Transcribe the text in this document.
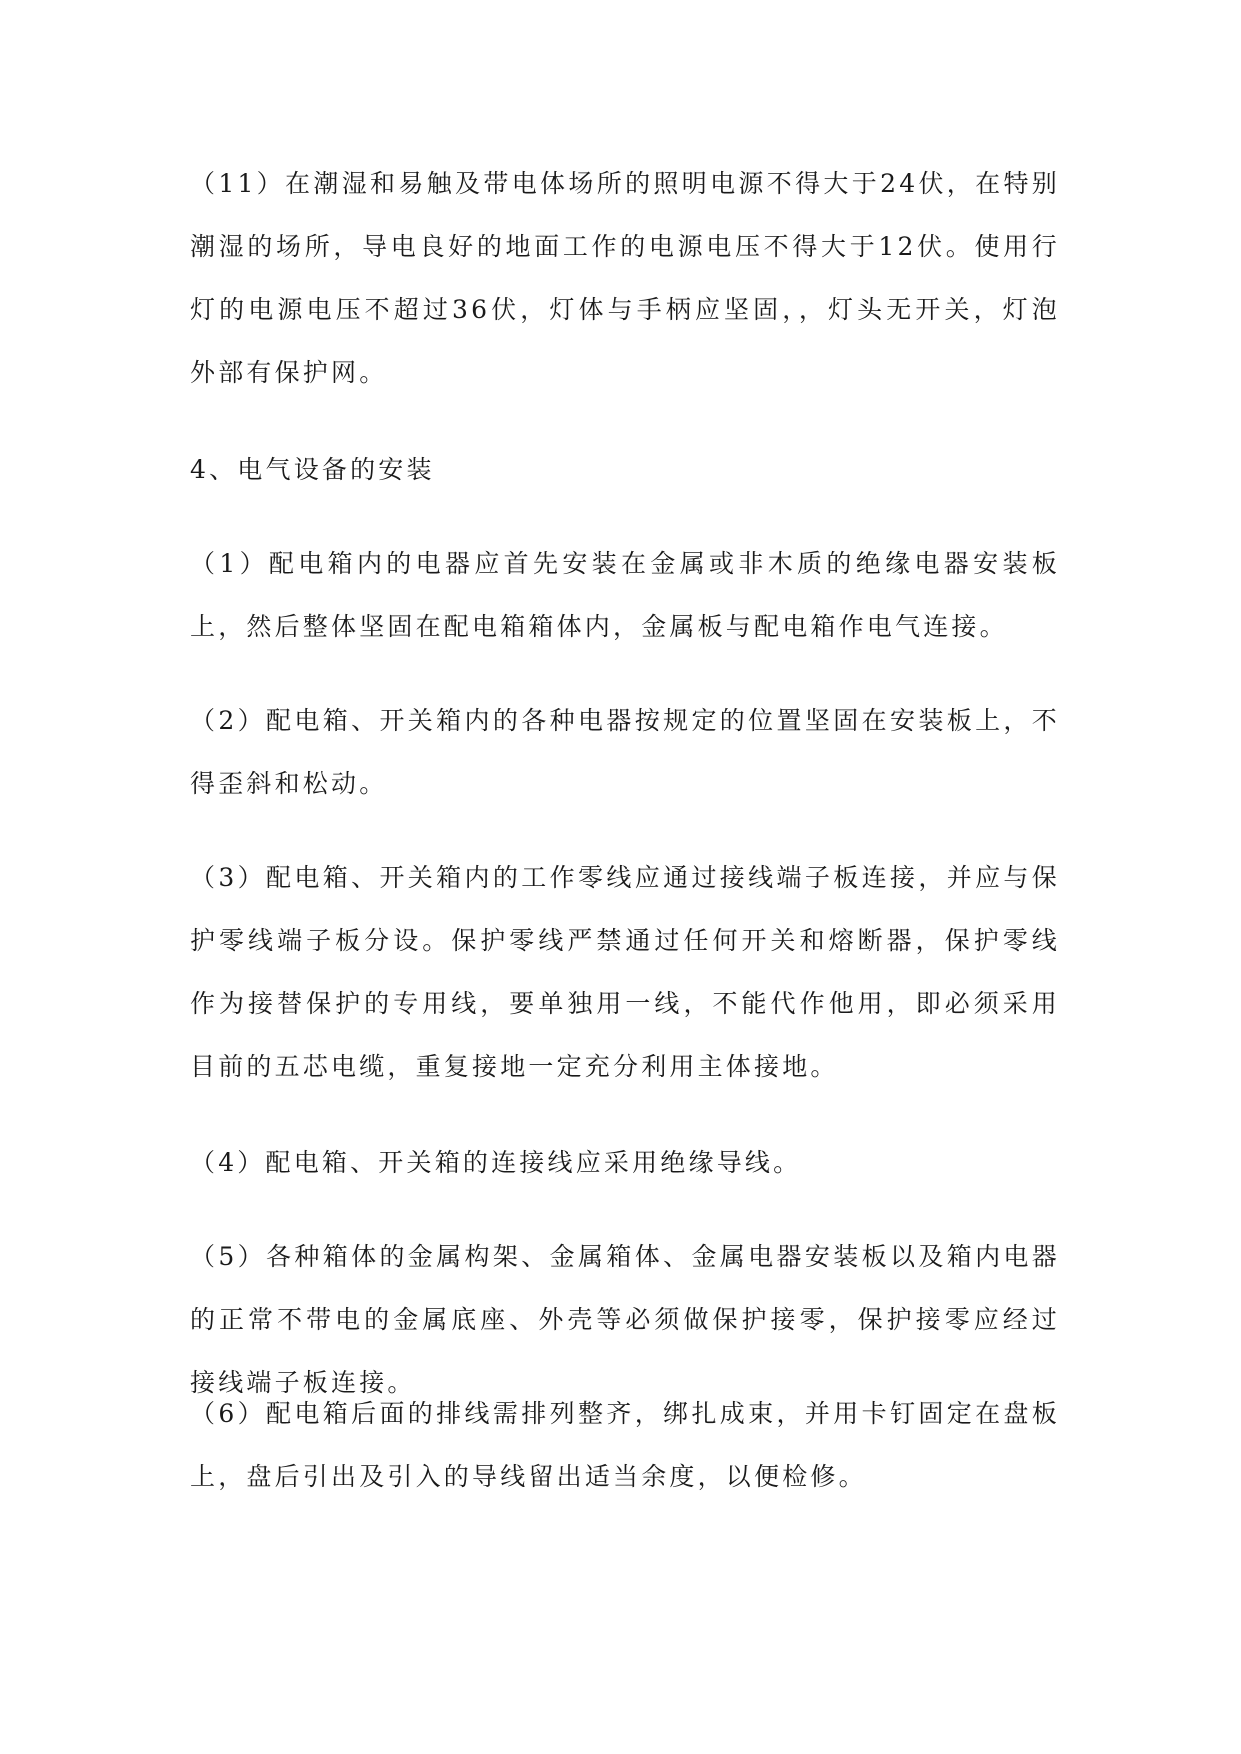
（11）在潮湿和易触及带电体场所的照明电源不得大于24伏，在特别潮湿的场所，导电良好的地面工作的电源电压不得大于12伏。使用行灯的电源电压不超过36伏，灯体与手柄应坚固，，灯头无开关，灯泡外部有保护网。

4、电气设备的安装

（1）配电箱内的电器应首先安装在金属或非木质的绝缘电器安装板上，然后整体坚固在配电箱箱体内，金属板与配电箱作电气连接。

（2）配电箱、开关箱内的各种电器按规定的位置坚固在安装板上，不得歪斜和松动。

（3）配电箱、开关箱内的工作零线应通过接线端子板连接，并应与保护零线端子板分设。保护零线严禁通过任何开关和熔断器，保护零线作为接替保护的专用线，要单独用一线，不能代作他用，即必须采用目前的五芯电缆，重复接地一定充分利用主体接地。

（4）配电箱、开关箱的连接线应采用绝缘导线。

（5）各种箱体的金属构架、金属箱体、金属电器安装板以及箱内电器的正常不带电的金属底座、外壳等必须做保护接零，保护接零应经过接线端子板连接。

（6）配电箱后面的排线需排列整齐，绑扎成束，并用卡钉固定在盘板上，盘后引出及引入的导线留出适当余度，以便检修。
